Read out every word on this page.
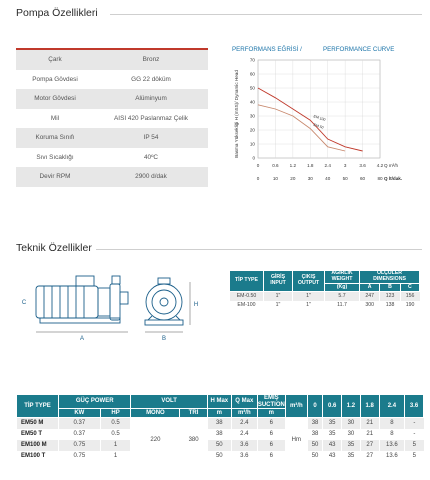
Pompa Özellikleri
Çark	Bronz
Pompa Gövdesi	GG 22 döküm
Motor Gövdesi	Alüminyum
Mil	AISI 420 Paslanmaz Çelik
Koruma Sınıfı	IP 54
Sıvı Sıcaklığı	40ºC
Devir RPM	2900 d/dak
PERFORMANS EĞRİSİ /	PERFORMANCE CURVE
Basma Yüksekliği H (mSS)/ Dynamic Head	EM 100
EM 50
0
0
0.6
10
1.2
20
1.8
30
2.4
40
3
50
3.6
60
4.2
80
70
60
50
40
30
20
10
0
Q m³/h
Q lt/dak.
Teknik Özellikler
A	B
C	H
TİP TYPE	GİRİŞ INPUT	ÇIKIŞ OUTPUT	AĞIRLIK WEIGHT	ÖLÇÜLER DIMENSIONS		
			(Kg)	A	B	C
EM-0.50	1"	1"	5.7	247	123	156
EM-100	1"	1"	11.7	300	138	190
TİP TYPE	GÜÇ POWER		VOLT		H Max	Q Max	EMİŞ SUCTION	m³/h	0	0.6	1.2	1.8	2.4	3.6
	KW	HP	MONO	TRİ	m	m³/h	m							
EM50 M	0.37	0.5	220	380	38	2.4	6	Hm	38	35	30	21	8	-
EM50 T	0.37	0.5			38	2.4	6		38	35	30	21	8	-
EM100 M	0.75	1			50	3.6	6		50	43	35	27	13.6	5
EM100 T	0.75	1			50	3.6	6		50	43	35	27	13.6	5
